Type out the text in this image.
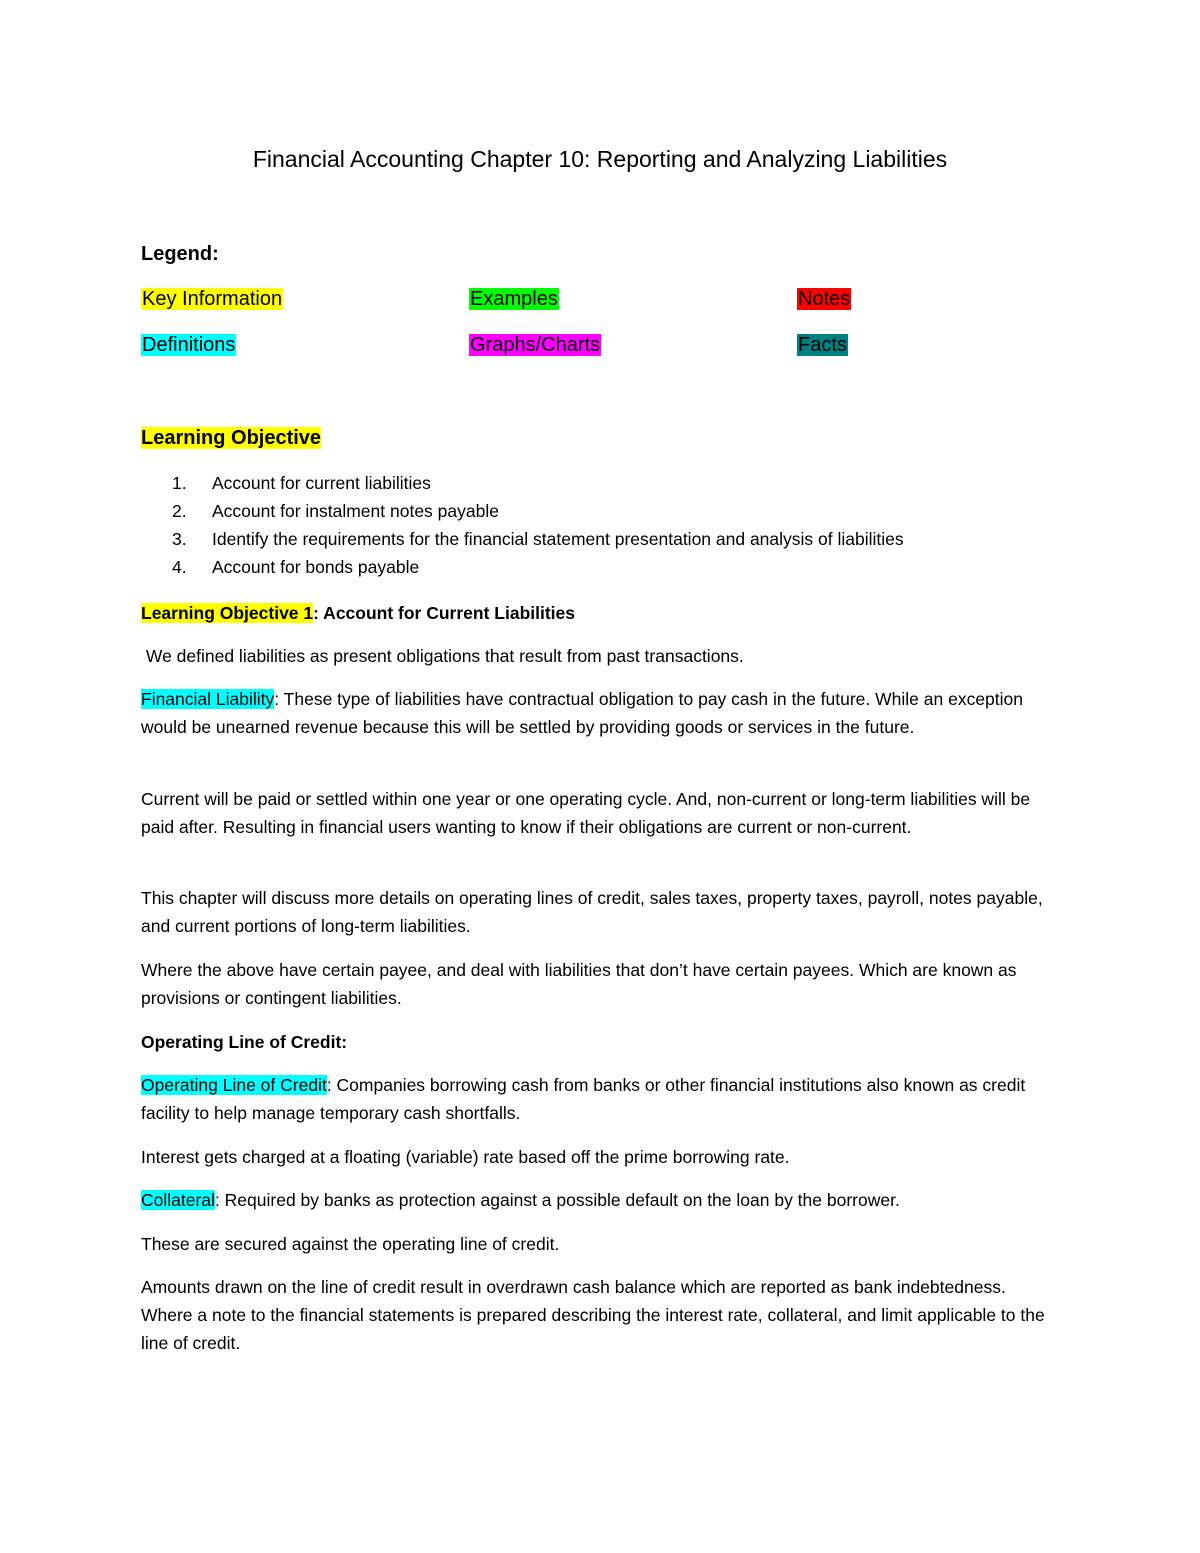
Financial Accounting Chapter 10: Reporting and Analyzing Liabilities
Legend:
Key Information	Examples	Notes
Definitions	Graphs/Charts	Facts
Learning Objective
1. Account for current liabilities
2. Account for instalment notes payable
3. Identify the requirements for the financial statement presentation and analysis of liabilities
4. Account for bonds payable
Learning Objective 1: Account for Current Liabilities

We defined liabilities as present obligations that result from past transactions.

Financial Liability: These type of liabilities have contractual obligation to pay cash in the future. While an exception would be unearned revenue because this will be settled by providing goods or services in the future.

Current will be paid or settled within one year or one operating cycle. And, non-current or long-term liabilities will be paid after. Resulting in financial users wanting to know if their obligations are current or non-current.

This chapter will discuss more details on operating lines of credit, sales taxes, property taxes, payroll, notes payable, and current portions of long-term liabilities.

Where the above have certain payee, and deal with liabilities that don’t have certain payees. Which are known as provisions or contingent liabilities.

Operating Line of Credit:

Operating Line of Credit: Companies borrowing cash from banks or other financial institutions also known as credit facility to help manage temporary cash shortfalls.

Interest gets charged at a floating (variable) rate based off the prime borrowing rate.

Collateral: Required by banks as protection against a possible default on the loan by the borrower.

These are secured against the operating line of credit.

Amounts drawn on the line of credit result in overdrawn cash balance which are reported as bank indebtedness. Where a note to the financial statements is prepared describing the interest rate, collateral, and limit applicable to the line of credit.
